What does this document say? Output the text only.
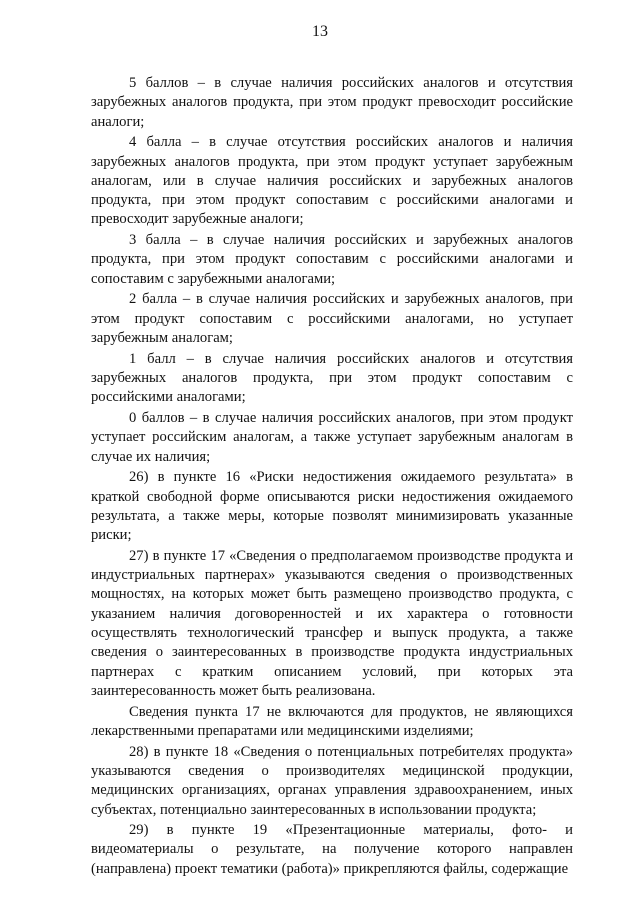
13

5 баллов – в случае наличия российских аналогов и отсутствия зарубежных аналогов продукта, при этом продукт превосходит российские аналоги;

4 балла – в случае отсутствия российских аналогов и наличия зарубежных аналогов продукта, при этом продукт уступает зарубежным аналогам, или в случае наличия российских и зарубежных аналогов продукта, при этом продукт сопоставим с российскими аналогами и превосходит зарубежные аналоги;

3 балла – в случае наличия российских и зарубежных аналогов продукта, при этом продукт сопоставим с российскими аналогами и сопоставим с зарубежными аналогами;

2 балла – в случае наличия российских и зарубежных аналогов, при этом продукт сопоставим с российскими аналогами, но уступает зарубежным аналогам;

1 балл – в случае наличия российских аналогов и отсутствия зарубежных аналогов продукта, при этом продукт сопоставим с российскими аналогами;

0 баллов – в случае наличия российских аналогов, при этом продукт уступает российским аналогам, а также уступает зарубежным аналогам в случае их наличия;

26) в пункте 16 «Риски недостижения ожидаемого результата» в краткой свободной форме описываются риски недостижения ожидаемого результата, а также меры, которые позволят минимизировать указанные риски;

27) в пункте 17 «Сведения о предполагаемом производстве продукта и индустриальных партнерах» указываются сведения о производственных мощностях, на которых может быть размещено производство продукта, с указанием наличия договоренностей и их характера о готовности осуществлять технологический трансфер и выпуск продукта, а также сведения о заинтересованных в производстве продукта индустриальных партнерах с кратким описанием условий, при которых эта заинтересованность может быть реализована.

Сведения пункта 17 не включаются для продуктов, не являющихся лекарственными препаратами или медицинскими изделиями;

28) в пункте 18 «Сведения о потенциальных потребителях продукта» указываются сведения о производителях медицинской продукции, медицинских организациях, органах управления здравоохранением, иных субъектах, потенциально заинтересованных в использовании продукта;

29) в пункте 19 «Презентационные материалы, фото- и видеоматериалы о результате, на получение которого направлен (направлена) проект тематики (работа)» прикрепляются файлы, содержащие
